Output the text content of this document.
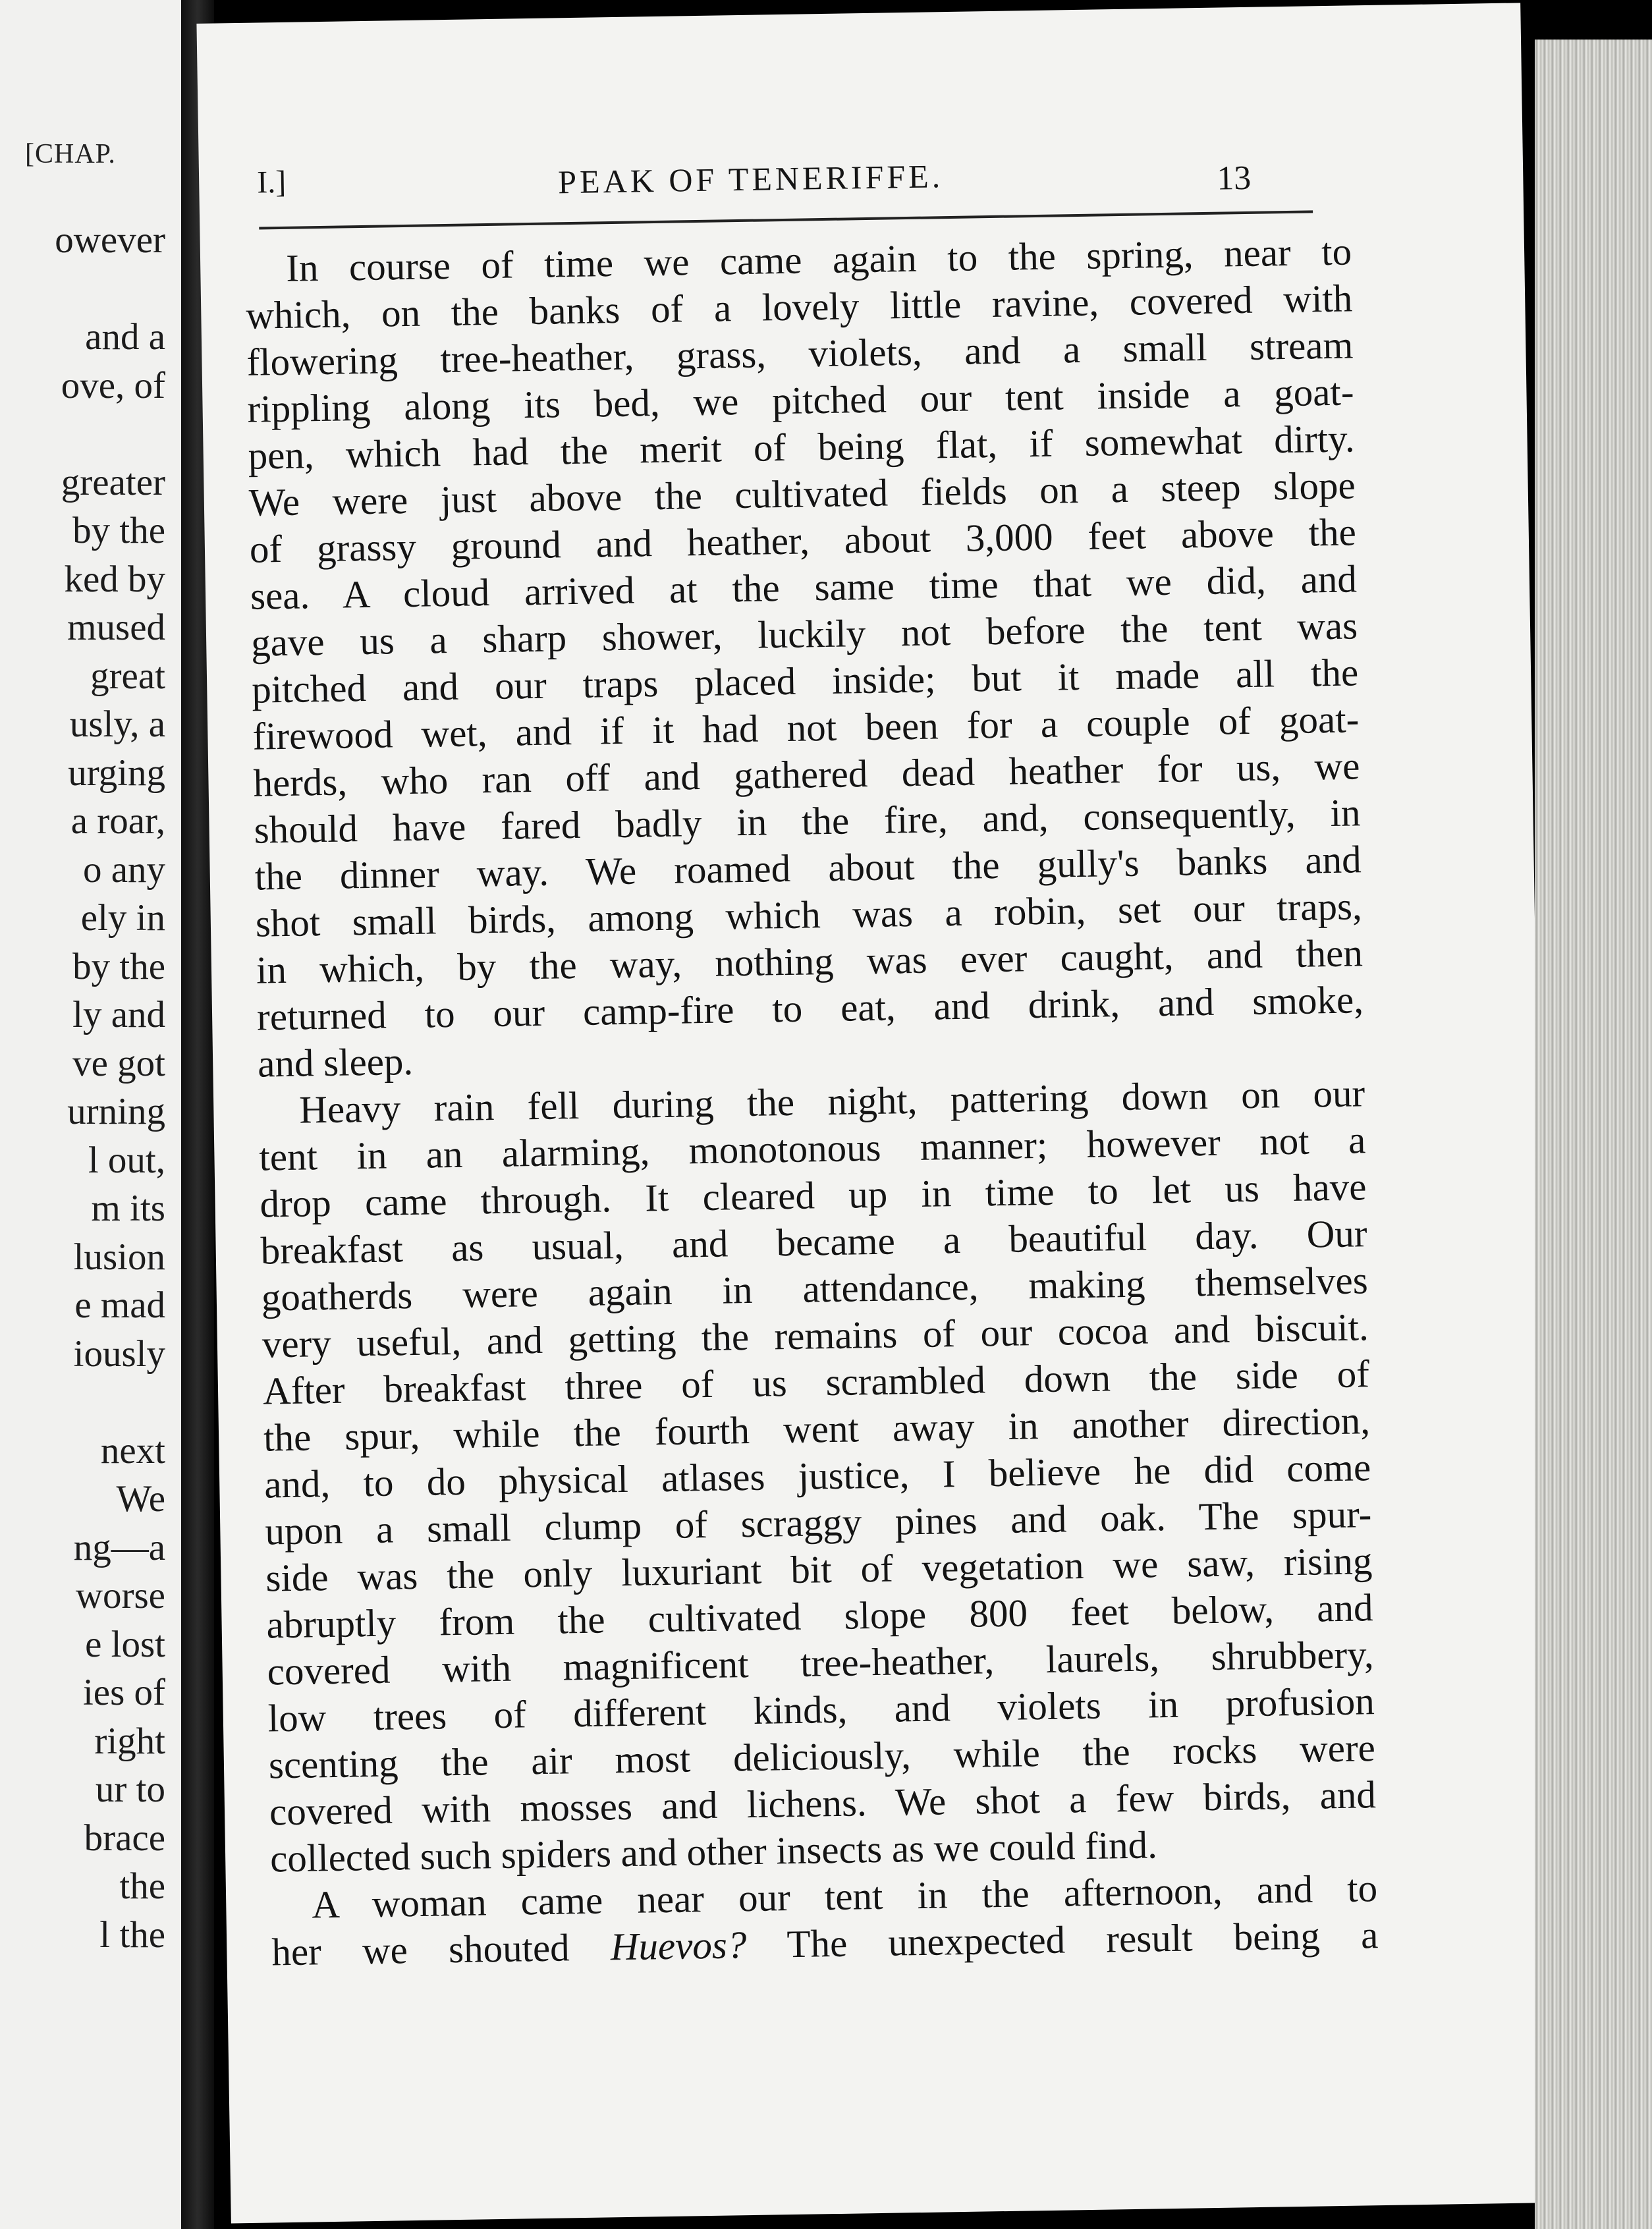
[CHAP.
owever
and a
ove, of
greater
by the
ked by
mused
great
usly, a
urging
a roar,
o any
ely in
by the
ly and
ve got
urning
l out,
m its
lusion
e mad
iously
next
We
ng—a
worse
e lost
ies of
right
ur to
brace
the
l the
I.]	PEAK OF TENERIFFE.	13
In course of time we came again to the spring, near to
which, on the banks of a lovely little ravine, covered with
flowering tree-heather, grass, violets, and a small stream
rippling along its bed, we pitched our tent inside a goat-
pen, which had the merit of being flat, if somewhat dirty.
We were just above the cultivated fields on a steep slope
of grassy ground and heather, about 3,000 feet above the
sea. A cloud arrived at the same time that we did, and
gave us a sharp shower, luckily not before the tent was
pitched and our traps placed inside; but it made all the
firewood wet, and if it had not been for a couple of goat-
herds, who ran off and gathered dead heather for us, we
should have fared badly in the fire, and, consequently, in
the dinner way. We roamed about the gully's banks and
shot small birds, among which was a robin, set our traps,
in which, by the way, nothing was ever caught, and then
returned to our camp-fire to eat, and drink, and smoke,
and sleep.
Heavy rain fell during the night, pattering down on our
tent in an alarming, monotonous manner; however not a
drop came through. It cleared up in time to let us have
breakfast as usual, and became a beautiful day. Our
goatherds were again in attendance, making themselves
very useful, and getting the remains of our cocoa and biscuit.
After breakfast three of us scrambled down the side of
the spur, while the fourth went away in another direction,
and, to do physical atlases justice, I believe he did come
upon a small clump of scraggy pines and oak. The spur-
side was the only luxuriant bit of vegetation we saw, rising
abruptly from the cultivated slope 800 feet below, and
covered with magnificent tree-heather, laurels, shrubbery,
low trees of different kinds, and violets in profusion
scenting the air most deliciously, while the rocks were
covered with mosses and lichens. We shot a few birds, and
collected such spiders and other insects as we could find.
A woman came near our tent in the afternoon, and to
her we shouted Huevos? The unexpected result being a
